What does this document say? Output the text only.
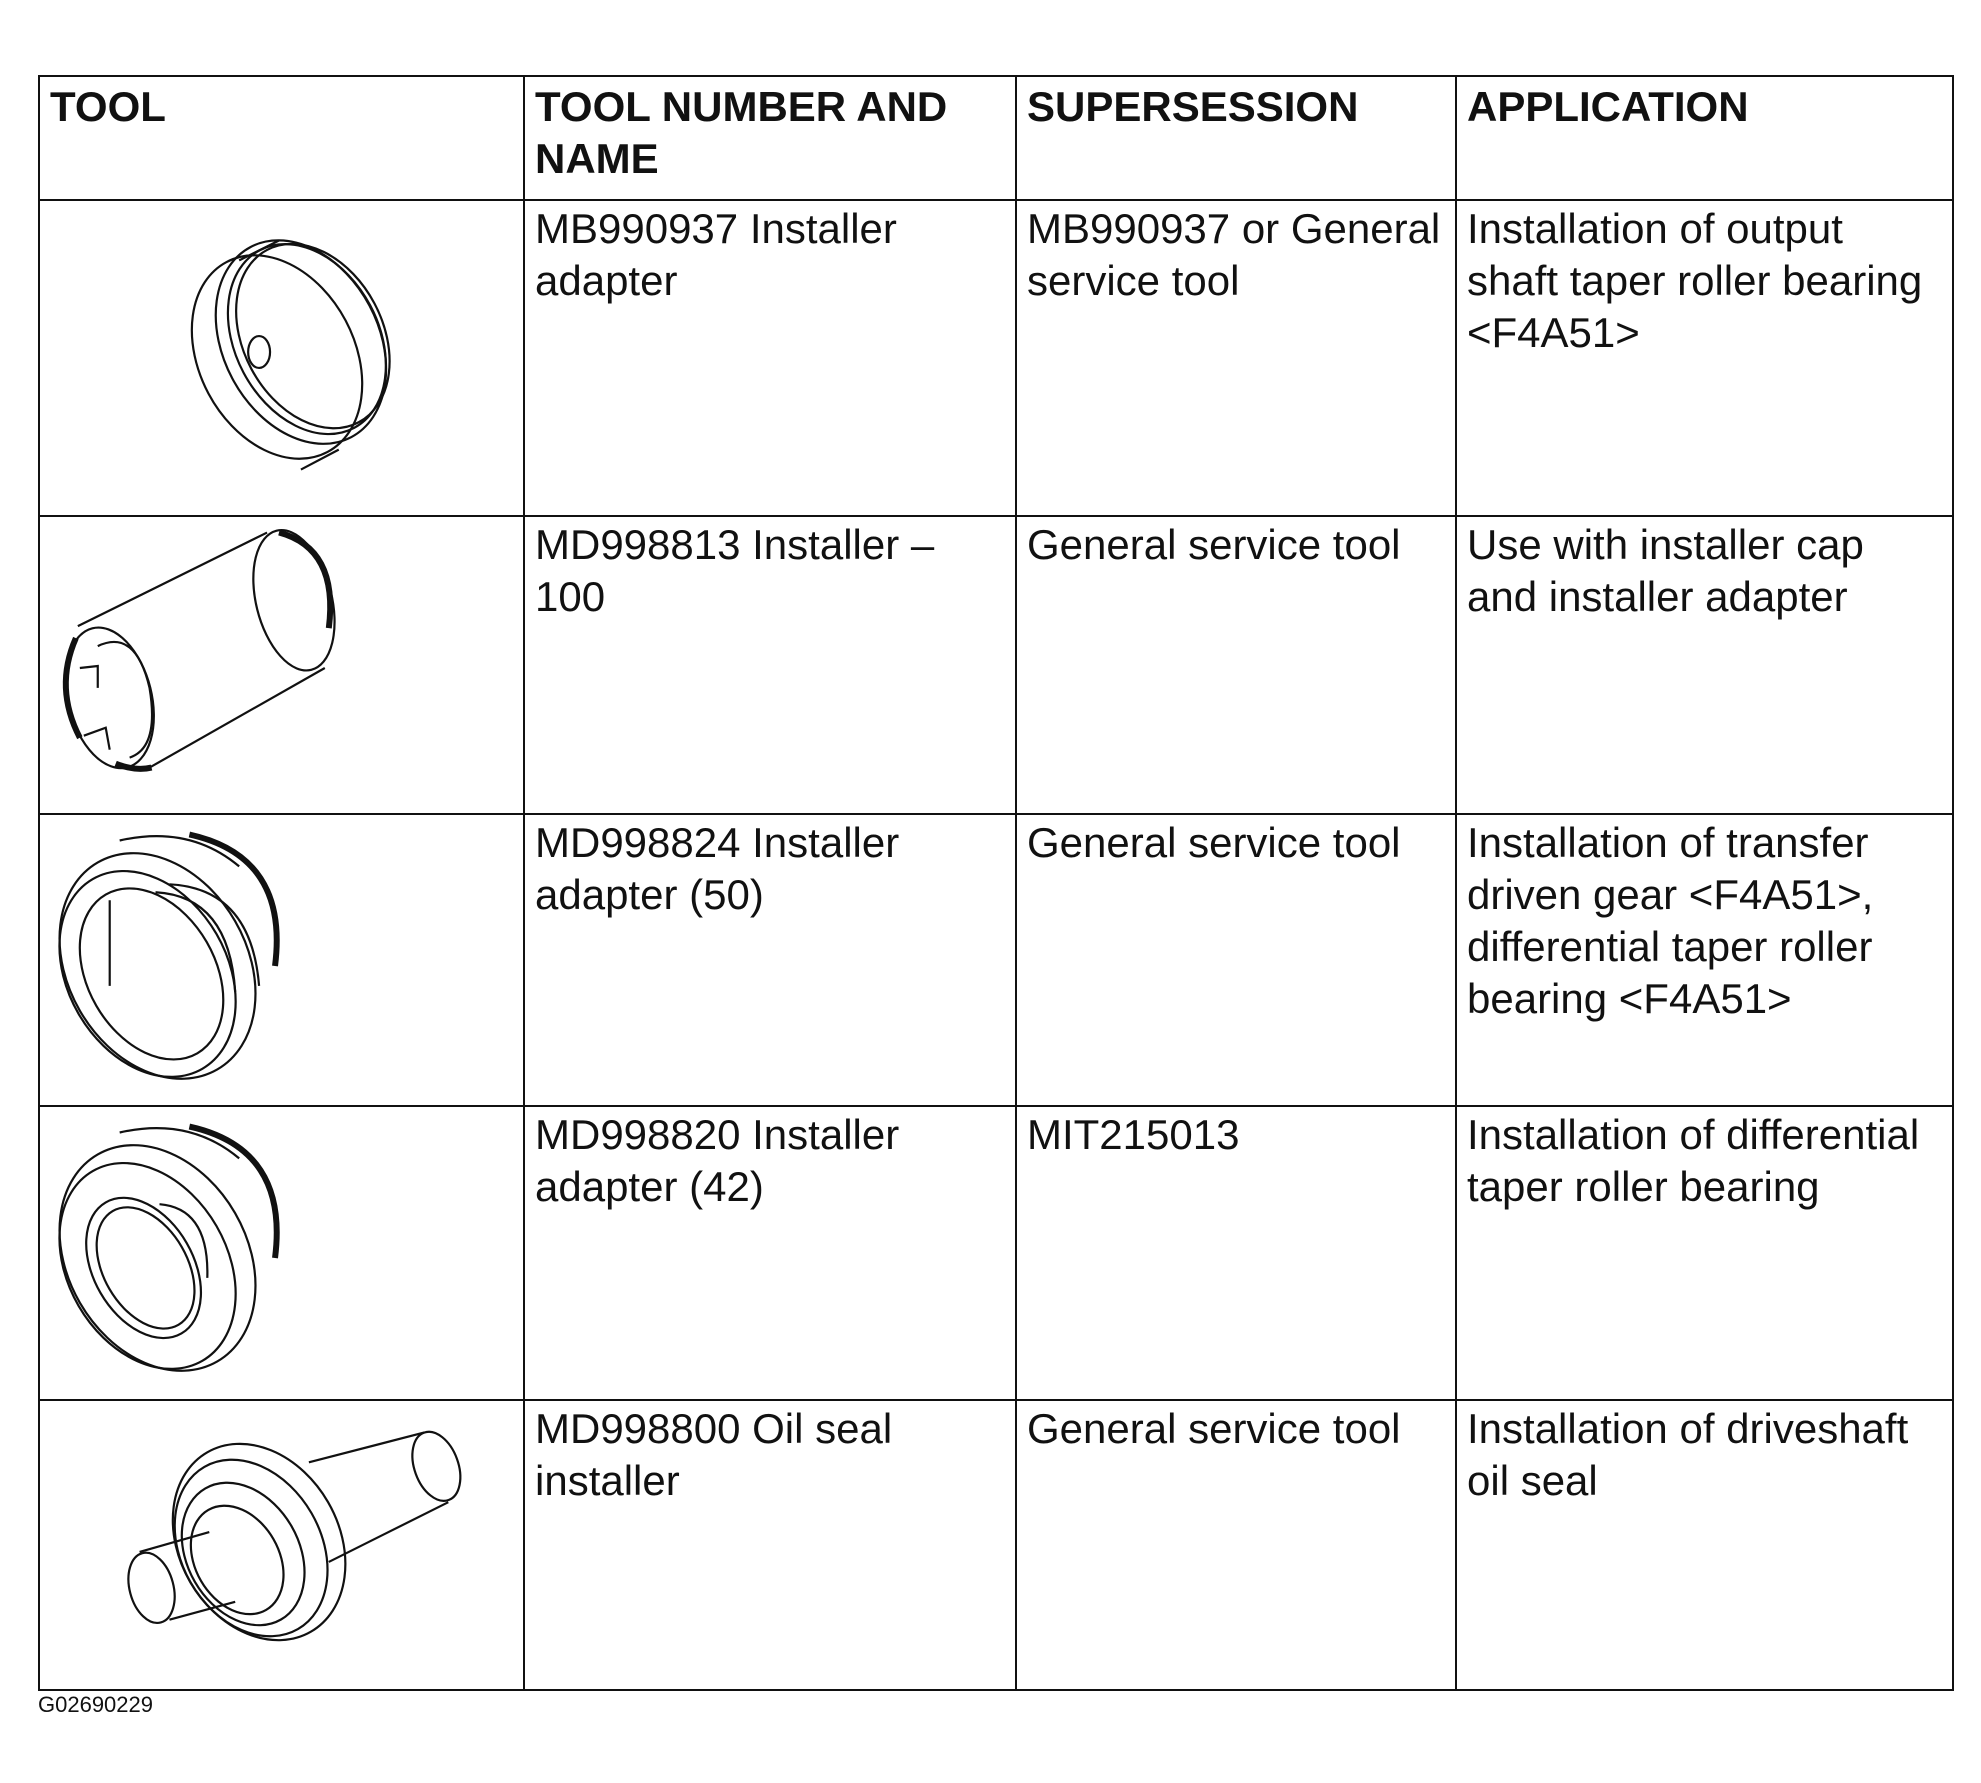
TOOL	TOOL NUMBER AND NAME	SUPERSESSION	APPLICATION

	MB990937 Installer adapter	MB990937 or General service tool	Installation of output shaft taper roller bearing <F4A51>

	MD998813 Installer – 100	General service tool	Use with installer cap and installer adapter

	MD998824 Installer adapter (50)	General service tool	Installation of transfer driven gear <F4A51>, differential taper roller bearing <F4A51>

	MD998820 Installer adapter (42)	MIT215013	Installation of differential taper roller bearing

	MD998800 Oil seal installer	General service tool	Installation of driveshaft oil seal
G02690229
